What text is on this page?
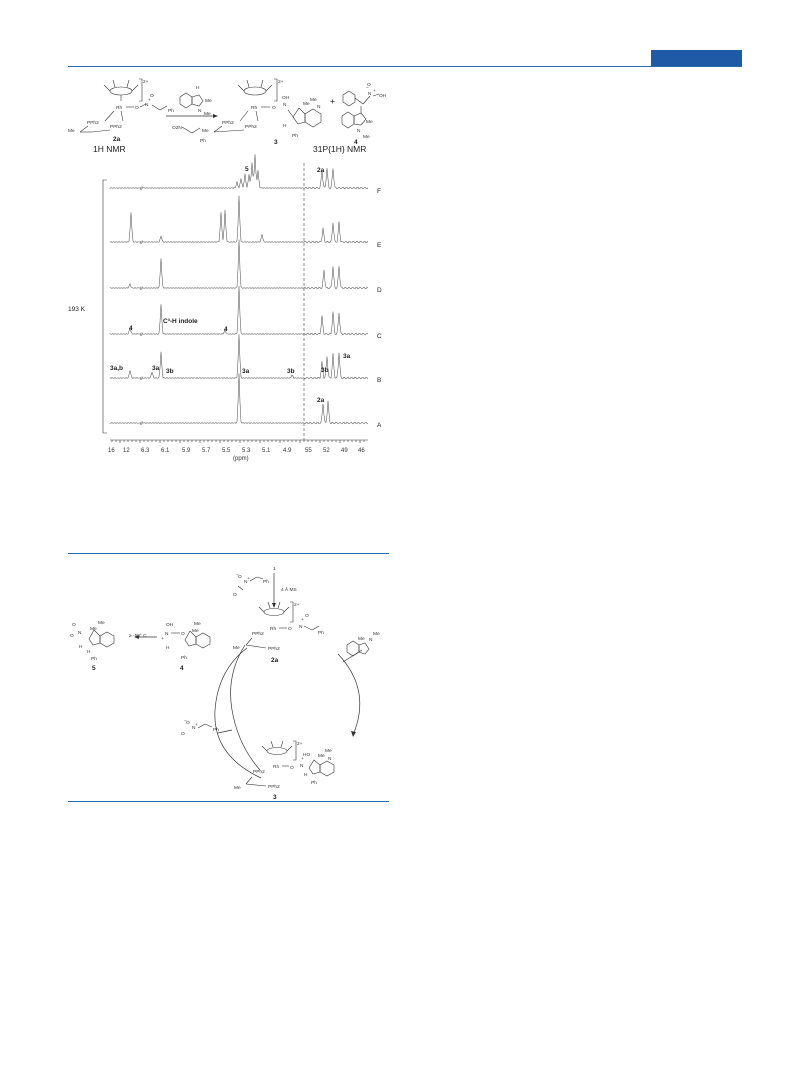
2+
Rh	O
N
+
O
Ph
PPh2
PPh2
Me
2a
1H NMR
H
N
Me
Me
O2N
Ph
2+
Rh	O
N
OH
Me
Me
N
H
Ph
PPh2
PPh2
Me
3
+
N
O
−
+
OH
Me
N
Me
4
31P{1H} NMR
193 K
//
//
//
//
//
//
F
E
D
C
B
A
5	2a
4
C³-H indole
4
3a,b	3a 3b	3a	3b	3b
3a
2a
16 12 6.3 6.1 5.9 5.7 5.5 5.3 5.1 4.9 55 52 49 46
(ppm)
− O
N
+
Ph
O
1
4 Å MS
2+
Rh O N
+
O
Ph
PPh2
PPh2
Me
2a
N
Me
Me
− O
N
+
Ph
O
2+
Rh O N
+
HO Me
Me
N
H
Ph
PPh2
PPh2
Me
3
OH
N
+
O
Me
Me
H
Ph
4
≥ -50° C
O
O
N
Me
Me
H
H
Ph
5
